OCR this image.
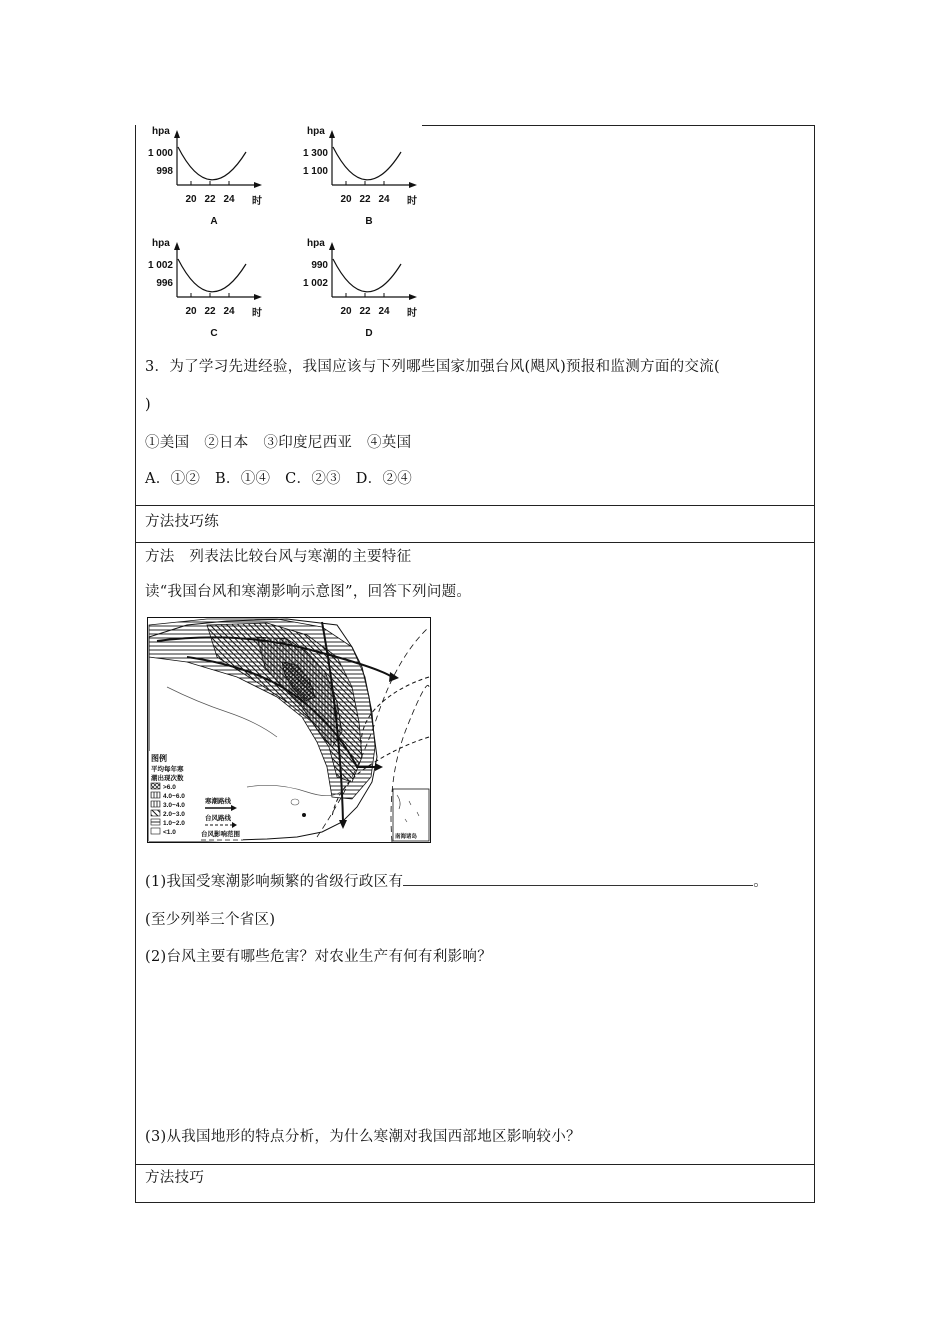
hpa
1 000
998
20 22 24 时
A
hpa
1 300
1 100
20 22 24 时
B
hpa
1 002
996
20 22 24 时
C
hpa
990
1 002
20 22 24 时
D
3．为了学习先进经验，我国应该与下列哪些国家加强台风(飓风)预报和监测方面的交流(
)
①美国　②日本　③印度尼西亚　④英国
A．①②　B．①④　C．②③　D．②④
方法技巧练
方法　列表法比较台风与寒潮的主要特征
读“我国台风和寒潮影响示意图”，回答下列问题。
图例
平均每年寒
潮出现次数
>6.0
4.0~6.0
3.0~4.0
2.0~3.0
1.0~2.0
<1.0
寒潮路线
台风路线
台风影响范围	南海诸岛
(1)我国受寒潮影响频繁的省级行政区有	。
(至少列举三个省区)
(2)台风主要有哪些危害？对农业生产有何有利影响？
(3)从我国地形的特点分析，为什么寒潮对我国西部地区影响较小？
方法技巧
